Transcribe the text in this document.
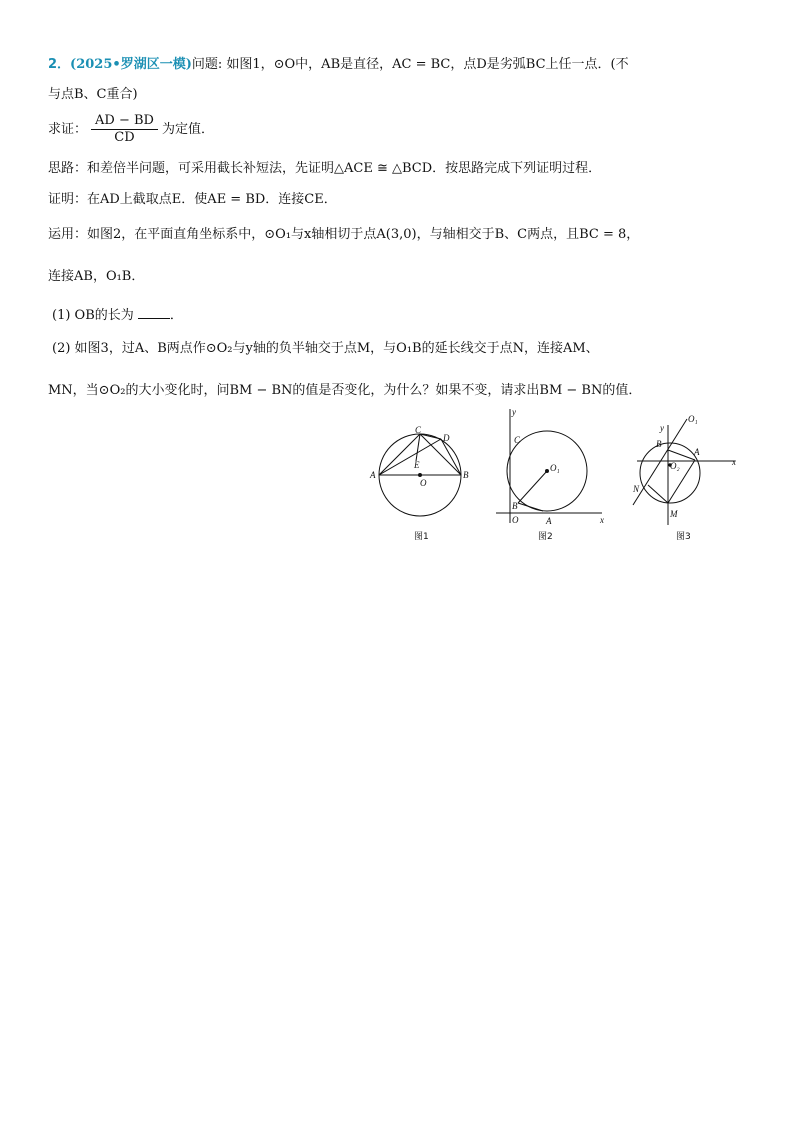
2．(2025•罗湖区一模)问题: 如图1，⊙O中，AB是直径，AC = BC，点D是劣弧BC上任一点．(不
与点B、C重合)
求证： $\frac{AD - BD}{CD}$ 为定值．
思路：和差倍半问题，可采用截长补短法，先证明△ACE ≅ △BCD．按思路完成下列证明过程．
证明：在AD上截取点E．使AE = BD．连接CE．
运用：如图2，在平面直角坐标系中，⊙O₁与x轴相切于点A(3,0)，与轴相交于B、C两点，且BC = 8，
连接AB，O₁B．
(1) OB的长为	．
(2) 如图3，过A、B两点作⊙O₂与y轴的负半轴交于点M，与O₁B的延长线交于点N，连接AM、
MN，当⊙O₂的大小变化时，问BM − BN的值是否变化，为什么？如果不变，请求出BM − BN的值．
A	B
C
D
E
O
图1
y
x
C
B
O	A
O₁
图2
y
x
O₁
B
A
O₂
N
M
图3
